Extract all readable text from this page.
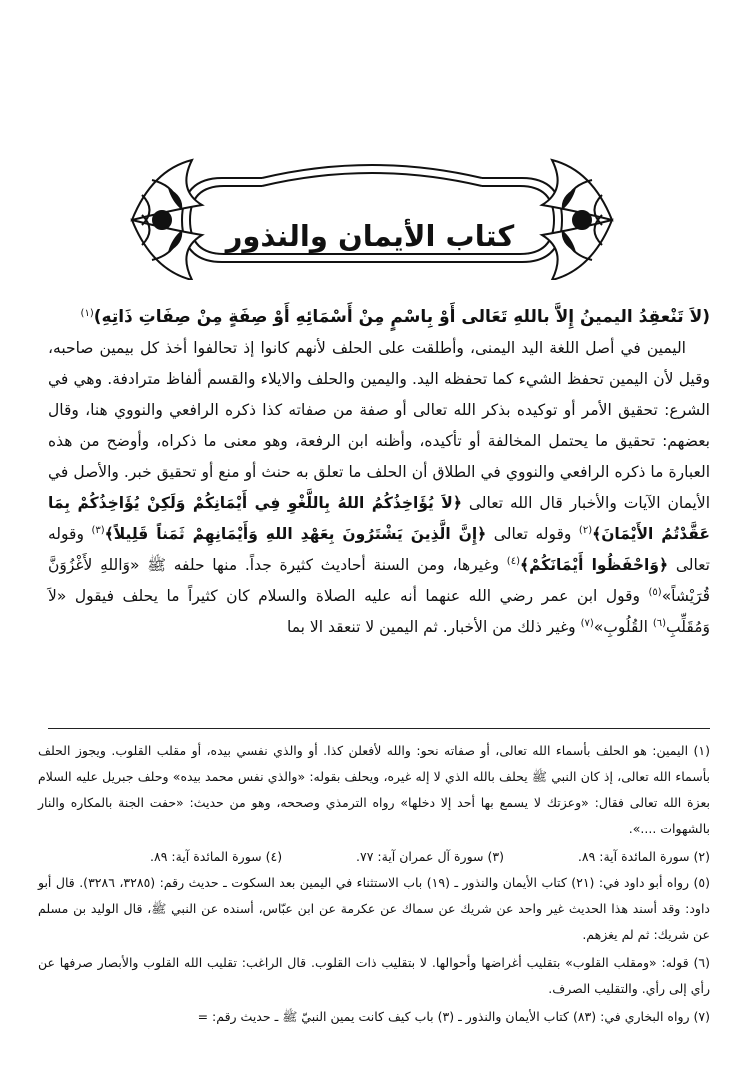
كتاب الأيمان والنذور

(لاَ تَنْعقِدُ اليمينُ إِلاَّ باللهِ تَعَالى أَوْ بِاسْمٍ مِنْ أَسْمَائِهِ أَوْ صِفَةٍ مِنْ صِفَاتِ ذَاتِهِ)$^{(١)}$

اليمين في أصل اللغة اليد اليمنى، وأطلقت على الحلف لأنهم كانوا إذ تحالفوا أخذ كل بيمين صاحبه، وقيل لأن اليمين تحفظ الشيء كما تحفظه اليد. واليمين والحلف والايلاء والقسم ألفاظ مترادفة. وهي في الشرع: تحقيق الأمر أو توكيده بذكر الله تعالى أو صفة من صفاته كذا ذكره الرافعي والنووي هنا، وقال بعضهم: تحقيق ما يحتمل المخالفة أو تأكيده، وأظنه ابن الرفعة، وهو معنى ما ذكراه، وأوضح من هذه العبارة ما ذكره الرافعي والنووي في الطلاق أن الحلف ما تعلق به حنث أو منع أو تحقيق خبر. والأصل في الأيمان الآيات والأخبار قال الله تعالى ﴿لاَ يُؤَاخِذُكُمُ اللهُ بِاللَّغْوِ فِي أَيْمَانِكُمْ وَلَكِنْ يُؤَاخِذُكُمْ بِمَا عَقَّدْتُمُ الأَيْمَانَ﴾$^{(٢)}$ وقوله تعالى ﴿إِنَّ الَّذِينَ يَشْتَرُونَ بِعَهْدِ اللهِ وَأَيْمَانِهِمْ ثَمَناً قَلِيلاً﴾$^{(٣)}$ وقوله تعالى ﴿وَاحْفَظُوا أَيْمَانَكُمْ﴾$^{(٤)}$ وغيرها، ومن السنة أحاديث كثيرة جداً. منها حلفه ﷺ «وَاللهِ لأَغْزُوَنَّ قُرَيْشاً»$^{(٥)}$ وقول ابن عمر رضي الله عنهما أنه عليه الصلاة والسلام كان كثيراً ما يحلف فيقول «لاَ وَمُقَلِّبِ$^{(٦)}$ القُلُوبِ»$^{(٧)}$ وغير ذلك من الأخبار. ثم اليمين لا تنعقد الا بما

(١) اليمين: هو الحلف بأسماء الله تعالى، أو صفاته نحو: والله لأفعلن كذا. أو والذي نفسي بيده، أو مقلب القلوب. ويجوز الحلف بأسماء الله تعالى، إذ كان النبي ﷺ يحلف بالله الذي لا إله غيره، ويحلف بقوله: «والذي نفس محمد بيده» وحلف جبريل عليه السلام بعزة الله تعالى فقال: «وعزتك لا يسمع بها أحد إلا دخلها» رواه الترمذي وصححه، وهو من حديث: «حفت الجنة بالمكاره والنار بالشهوات ....».

(٢) سورة المائدة آية: ٨٩.
(٣) سورة آل عمران آية: ٧٧.
(٤) سورة المائدة آية: ٨٩.

(٥) رواه أبو داود في: (٢١) كتاب الأيمان والنذور ـ (١٩) باب الاستثناء في اليمين بعد السكوت ـ حديث رقم: (٣٢٨٥، ٣٢٨٦). قال أبو داود: وقد أسند هذا الحديث غير واحد عن شريك عن سماك عن عكرمة عن ابن عبّاس، أسنده عن النبي ﷺ، قال الوليد بن مسلم عن شريك: ثم لم يغزهم.

(٦) قوله: «ومقلب القلوب» بتقليب أغراضها وأحوالها. لا بتقليب ذات القلوب. قال الراغب: تقليب الله القلوب والأبصار صرفها عن رأي إلى رأي. والتقليب الصرف.

(٧) رواه البخاري في: (٨٣) كتاب الأيمان والنذور ـ (٣) باب كيف كانت يمين النبيّ ﷺ ـ حديث رقم: =
